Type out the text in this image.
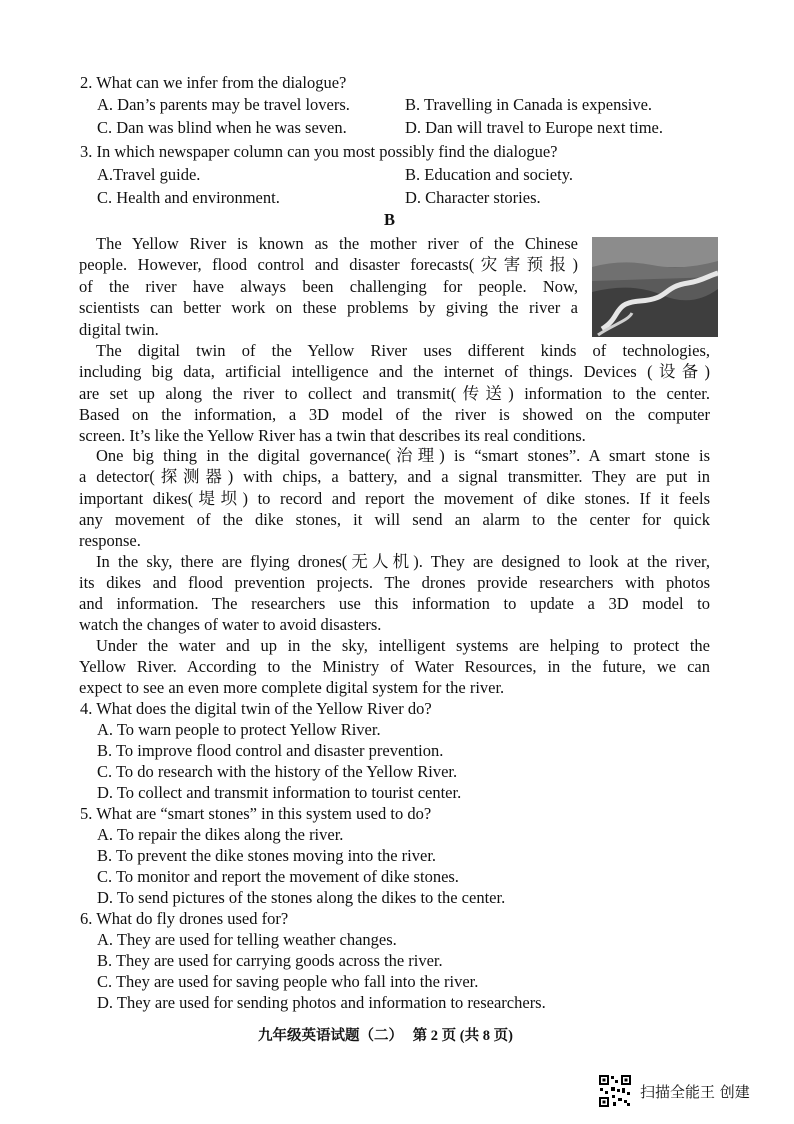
2. What can we infer from the dialogue?
A. Dan’s parents may be travel lovers.	B. Travelling in Canada is expensive.
C. Dan was blind when he was seven.	D. Dan will travel to Europe next time.
3. In which newspaper column can you most possibly find the dialogue?
A.Travel guide.	B. Education and society.
C. Health and environment.	D. Character stories.
B
The Yellow River is known as the mother river of the Chinese
people. However, flood control and disaster forecasts(灾害预报)
of the river have always been challenging for people. Now,
scientists can better work on these problems by giving the river a
digital twin.
The digital twin of the Yellow River uses different kinds of technologies,
including big data, artificial intelligence and the internet of things. Devices (设备)
are set up along the river to collect and transmit(传送) information to the center.
Based on the information, a 3D model of the river is showed on the computer
screen. It’s like the Yellow River has a twin that describes its real conditions.
One big thing in the digital governance(治理) is “smart stones”. A smart stone is
a detector(探测器) with chips, a battery, and a signal transmitter. They are put in
important dikes(堤坝) to record and report the movement of dike stones. If it feels
any movement of the dike stones, it will send an alarm to the center for quick
response.
In the sky, there are flying drones(无人机). They are designed to look at the river,
its dikes and flood prevention projects. The drones provide researchers with photos
and information. The researchers use this information to update a 3D model to
watch the changes of water to avoid disasters.
Under the water and up in the sky, intelligent systems are helping to protect the
Yellow River. According to the Ministry of Water Resources, in the future, we can
expect to see an even more complete digital system for the river.
4. What does the digital twin of the Yellow River do?
A. To warn people to protect Yellow River.
B. To improve flood control and disaster prevention.
C. To do research with the history of the Yellow River.
D. To collect and transmit information to tourist center.
5. What are “smart stones” in this system used to do?
A. To repair the dikes along the river.
B. To prevent the dike stones moving into the river.
C. To monitor and report the movement of dike stones.
D. To send pictures of the stones along the dikes to the center.
6. What do fly drones used for?
A. They are used for telling weather changes.
B. They are used for carrying goods across the river.
C. They are used for saving people who fall into the river.
D. They are used for sending photos and information to researchers.
九年级英语试题（二） 第 2 页 (共 8 页)
扫描全能王 创建
